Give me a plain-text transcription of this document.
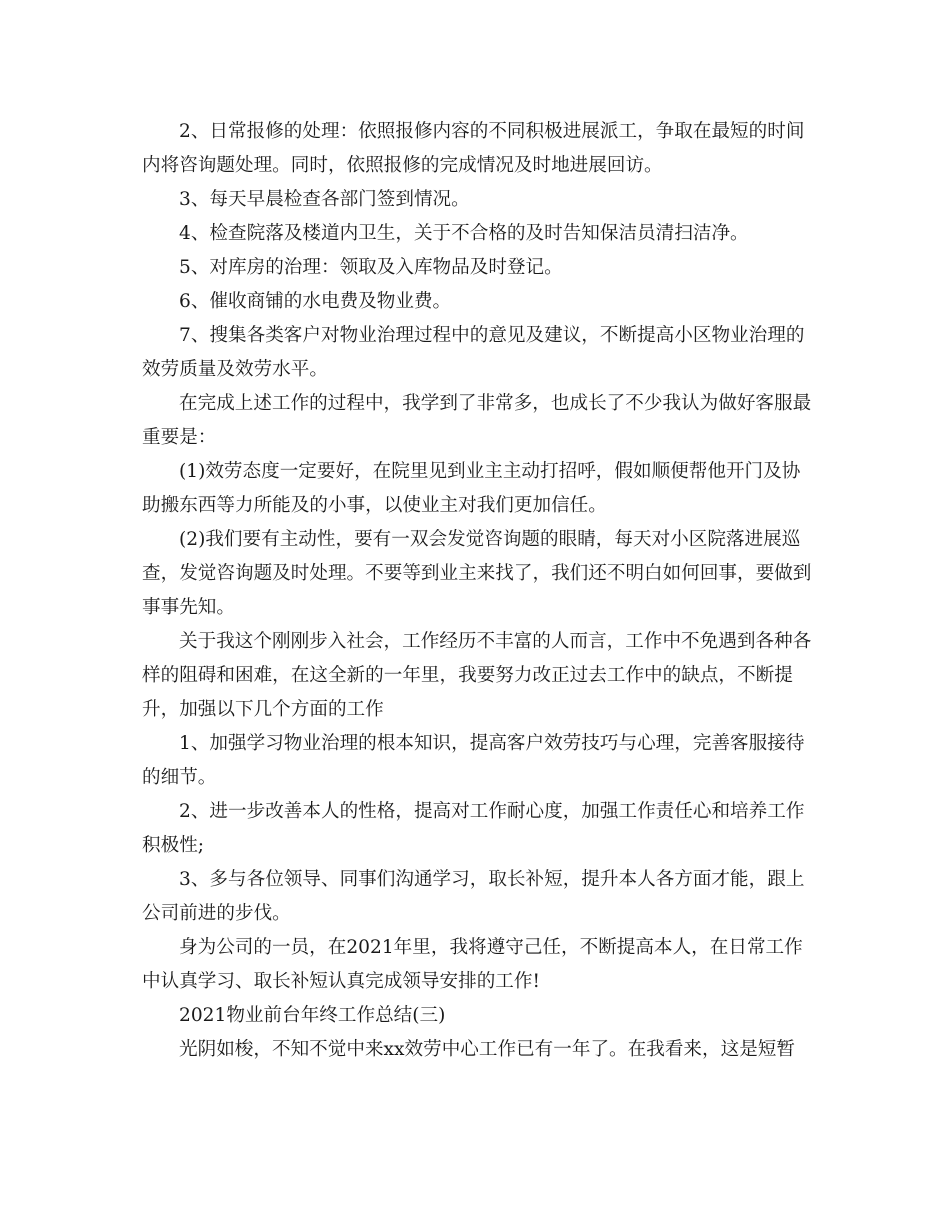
2、日常报修的处理：依照报修内容的不同积极进展派工，争取在最短的时间内将咨询题处理。同时，依照报修的完成情况及时地进展回访。

3、每天早晨检查各部门签到情况。

4、检查院落及楼道内卫生，关于不合格的及时告知保洁员清扫洁净。

5、对库房的治理：领取及入库物品及时登记。

6、催收商铺的水电费及物业费。

7、搜集各类客户对物业治理过程中的意见及建议，不断提高小区物业治理的效劳质量及效劳水平。

在完成上述工作的过程中，我学到了非常多，也成长了不少我认为做好客服最重要是：

(1)效劳态度一定要好，在院里见到业主主动打招呼，假如顺便帮他开门及协助搬东西等力所能及的小事，以使业主对我们更加信任。

(2)我们要有主动性，要有一双会发觉咨询题的眼睛，每天对小区院落进展巡查，发觉咨询题及时处理。不要等到业主来找了，我们还不明白如何回事，要做到事事先知。

关于我这个刚刚步入社会，工作经历不丰富的人而言，工作中不免遇到各种各样的阻碍和困难，在这全新的一年里，我要努力改正过去工作中的缺点，不断提升，加强以下几个方面的工作

1、加强学习物业治理的根本知识，提高客户效劳技巧与心理，完善客服接待的细节。

2、进一步改善本人的性格，提高对工作耐心度，加强工作责任心和培养工作积极性;

3、多与各位领导、同事们沟通学习，取长补短，提升本人各方面才能，跟上公司前进的步伐。

身为公司的一员，在2021年里，我将遵守己任，不断提高本人，在日常工作中认真学习、取长补短认真完成领导安排的工作!

2021物业前台年终工作总结(三)

光阴如梭，不知不觉中来xx效劳中心工作已有一年了。在我看来，这是短暂
